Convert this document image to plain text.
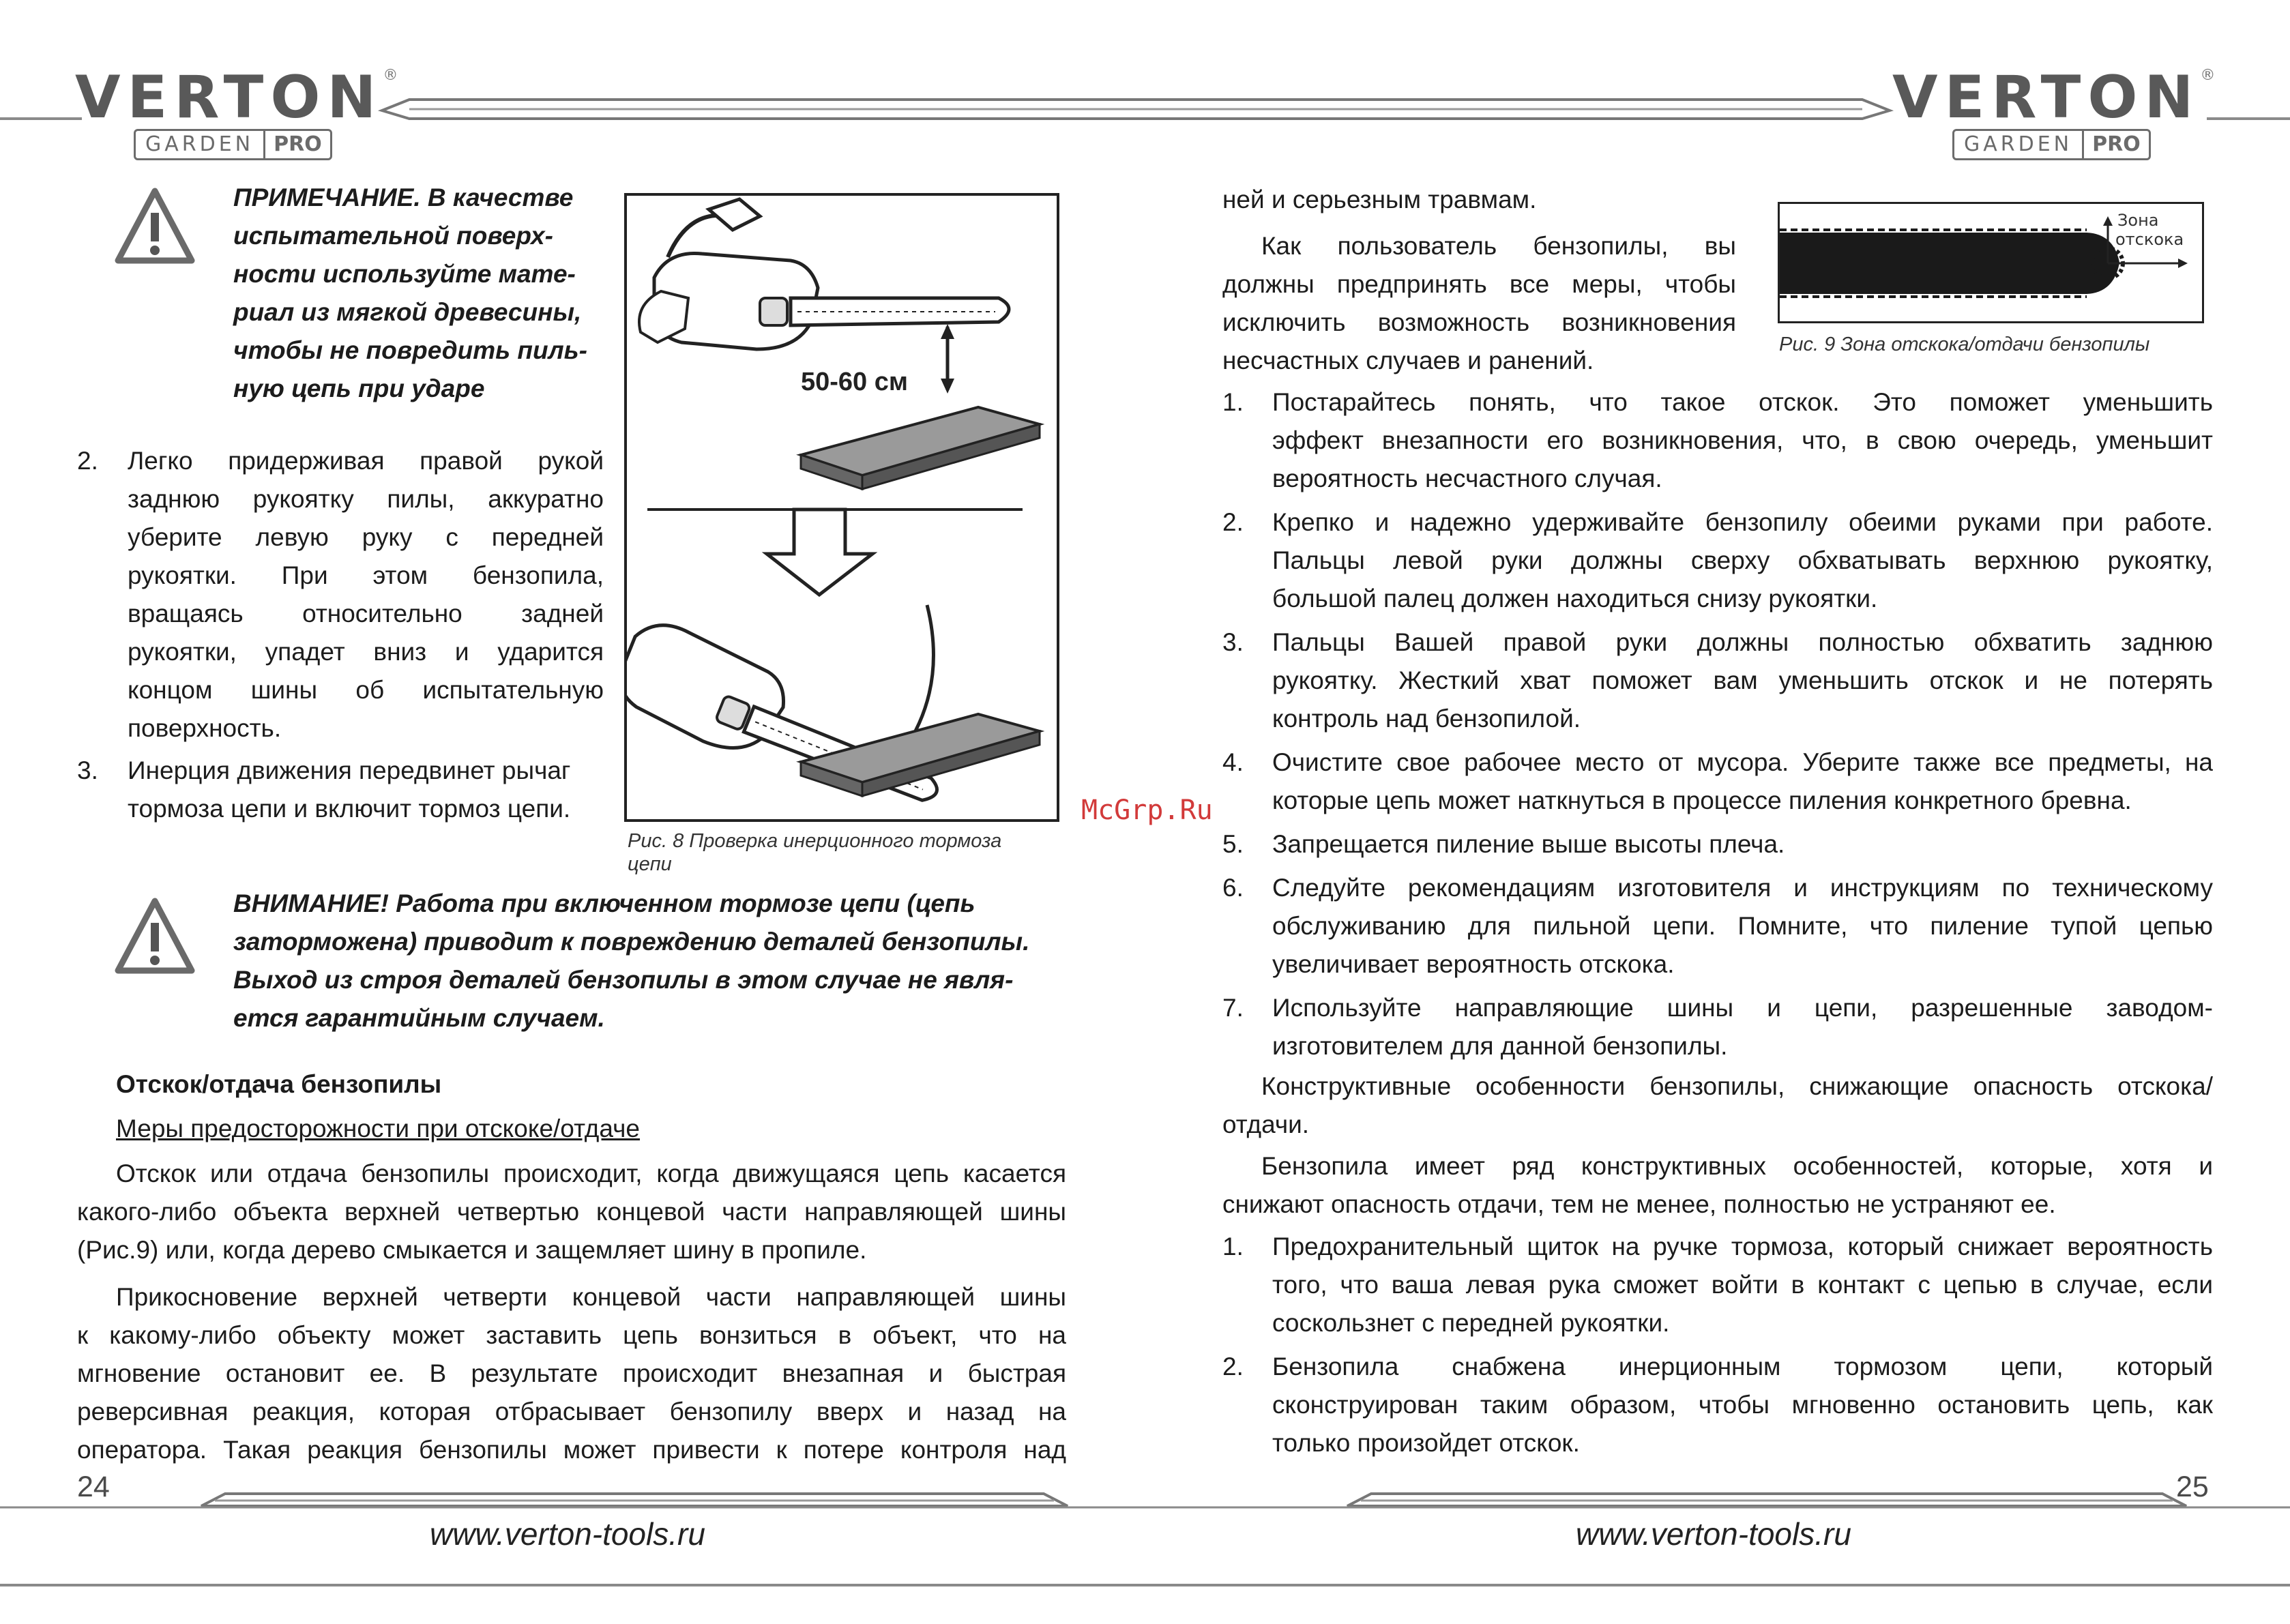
VERTON®
GARDEN PRO
VERTON®
GARDEN PRO
ПРИМЕЧАНИЕ. В качестве
испытательной поверх-
ности используйте мате-
риал из мягкой древесины,
чтобы не повредить пиль-
ную цепь при ударе
2. Легко придерживая правой рукой
заднюю рукоятку пилы, аккуратно
уберите левую руку с передней
рукоятки. При этом бензопила,
вращаясь относительно задней
рукоятки, упадет вниз и ударится
концом шины об испытательную
поверхность.
3. Инерция движения передвинет рычаг
тормоза цепи и включит тормоз цепи.
50-60 см
Рис. 8 Проверка инерционного тормоза
цепи
ВНИМАНИЕ! Работа при включенном тормозе цепи (цепь
заторможена) приводит к повреждению деталей бензопилы.
Выход из строя деталей бензопилы в этом случае не явля-
ется гарантийным случаем.
Отскок/отдача бензопилы
Меры предосторожности при отскоке/отдаче
Отскок или отдача бензопилы происходит, когда движущаяся цепь касается
какого-либо объекта верхней четвертью концевой части направляющей шины
(Рис.9) или, когда дерево смыкается и защемляет шину в пропиле.
Прикосновение верхней четверти концевой части направляющей шины
к какому-либо объекту может заставить цепь вонзиться в объект, что на
мгновение остановит ее. В результате происходит внезапная и быстрая
реверсивная реакция, которая отбрасывает бензопилу вверх и назад на
оператора. Такая реакция бензопилы может привести к потере контроля над
McGrp.Ru
ней и серьезным травмам.
Как пользователь бензопилы, вы
должны предпринять все меры, чтобы
исключить возможность возникновения
несчастных случаев и ранений.
Зона
отскока
Рис. 9 Зона отскока/отдачи бензопилы
1. Постарайтесь понять, что такое отскок. Это поможет уменьшить
эффект внезапности его возникновения, что, в свою очередь, уменьшит
вероятность несчастного случая.
2. Крепко и надежно удерживайте бензопилу обеими руками при работе.
Пальцы левой руки должны сверху обхватывать верхнюю рукоятку,
большой палец должен находиться снизу рукоятки.
3. Пальцы Вашей правой руки должны полностью обхватить заднюю
рукоятку. Жесткий хват поможет вам уменьшить отскок и не потерять
контроль над бензопилой.
4. Очистите свое рабочее место от мусора. Уберите также все предметы, на
которые цепь может наткнуться в процессе пиления конкретного бревна.
5. Запрещается пиление выше высоты плеча.
6. Следуйте рекомендациям изготовителя и инструкциям по техническому
обслуживанию для пильной цепи. Помните, что пиление тупой цепью
увеличивает вероятность отскока.
7. Используйте направляющие шины и цепи, разрешенные заводом-
изготовителем для данной бензопилы.
Конструктивные особенности бензопилы, снижающие опасность отскока/
отдачи.
Бензопила имеет ряд конструктивных особенностей, которые, хотя и
снижают опасность отдачи, тем не менее, полностью не устраняют ее.
1. Предохранительный щиток на ручке тормоза, который снижает вероятность
того, что ваша левая рука сможет войти в контакт с цепью в случае, если
соскользнет с передней рукоятки.
2. Бензопила снабжена инерционным тормозом цепи, который
сконструирован таким образом, чтобы мгновенно остановить цепь, как
только произойдет отскок.
24	25
www.verton-tools.ru	www.verton-tools.ru
